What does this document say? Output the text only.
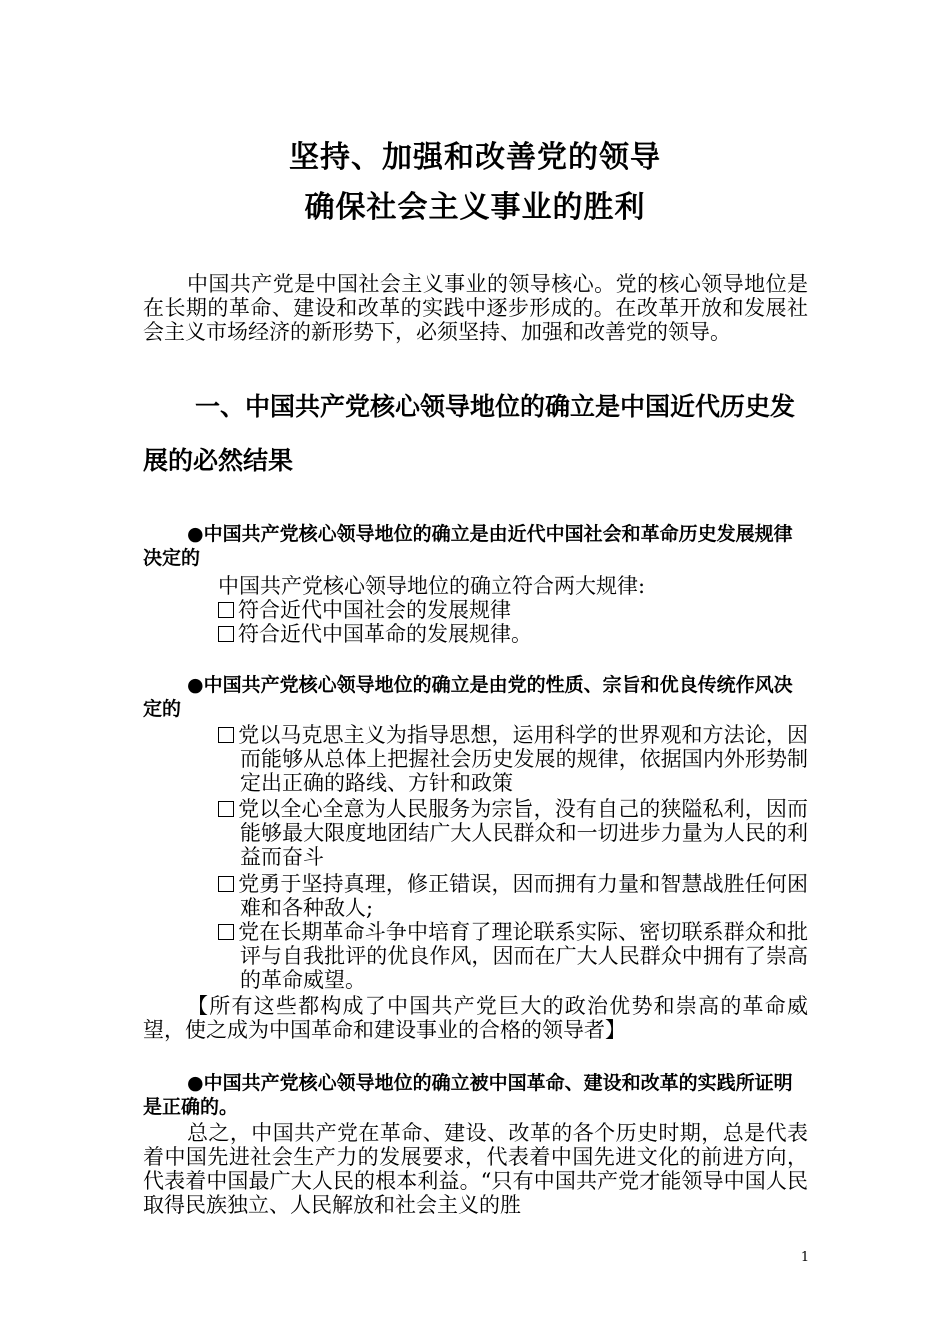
坚持、加强和改善党的领导
确保社会主义事业的胜利
中国共产党是中国社会主义事业的领导核心。党的核心领导地位是在长期的革命、建设和改革的实践中逐步形成的。在改革开放和发展社会主义市场经济的新形势下，必须坚持、加强和改善党的领导。
一、中国共产党核心领导地位的确立是中国近代历史发展的必然结果
●中国共产党核心领导地位的确立是由近代中国社会和革命历史发展规律决定的
中国共产党核心领导地位的确立符合两大规律:
符合近代中国社会的发展规律
符合近代中国革命的发展规律。
●中国共产党核心领导地位的确立是由党的性质、宗旨和优良传统作风决定的
党以马克思主义为指导思想，运用科学的世界观和方法论，因而能够从总体上把握社会历史发展的规律，依据国内外形势制定出正确的路线、方针和政策
党以全心全意为人民服务为宗旨，没有自己的狭隘私利，因而能够最大限度地团结广大人民群众和一切进步力量为人民的利益而奋斗
党勇于坚持真理，修正错误，因而拥有力量和智慧战胜任何困难和各种敌人;
党在长期革命斗争中培育了理论联系实际、密切联系群众和批评与自我批评的优良作风，因而在广大人民群众中拥有了崇高的革命威望。
【所有这些都构成了中国共产党巨大的政治优势和崇高的革命威望，使之成为中国革命和建设事业的合格的领导者】
●中国共产党核心领导地位的确立被中国革命、建设和改革的实践所证明是正确的。
总之，中国共产党在革命、建设、改革的各个历史时期，总是代表着中国先进社会生产力的发展要求，代表着中国先进文化的前进方向，代表着中国最广大人民的根本利益。“只有中国共产党才能领导中国人民取得民族独立、人民解放和社会主义的胜
1
